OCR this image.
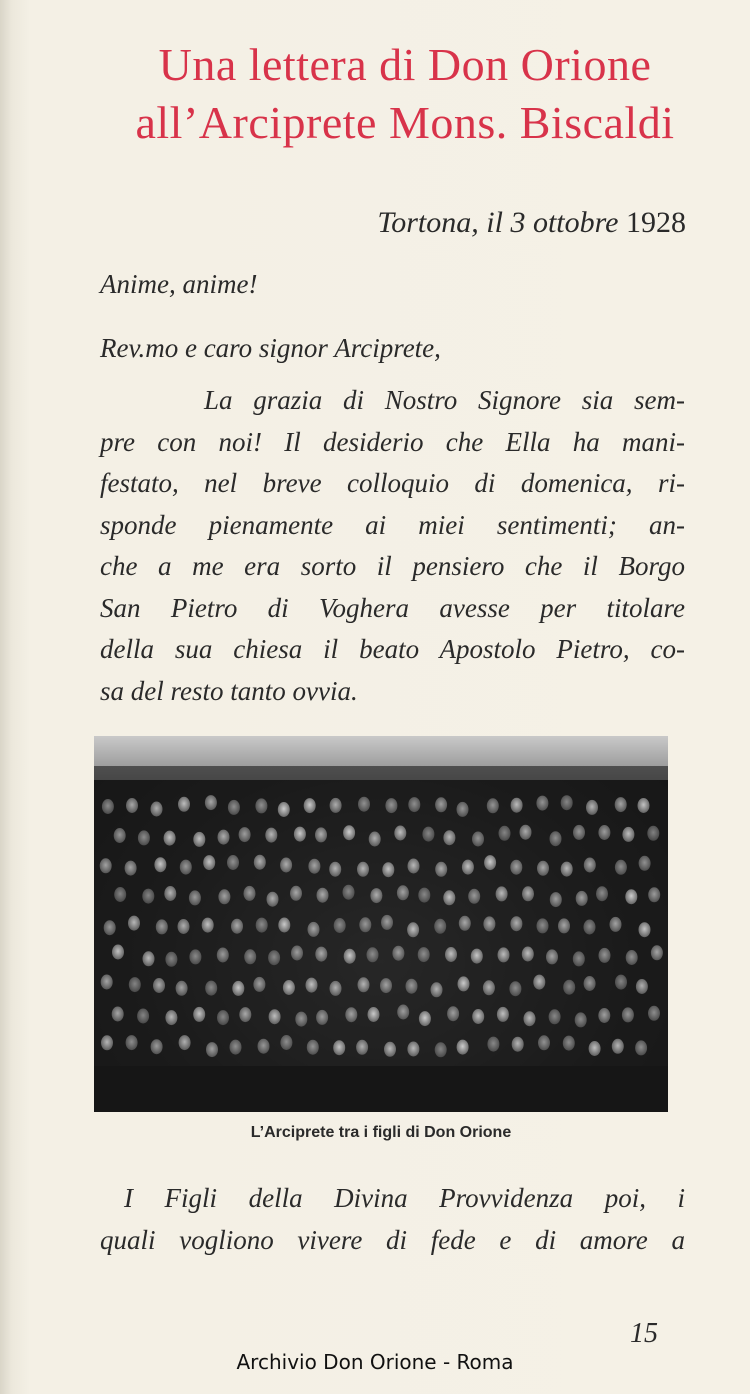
Una lettera di Don Orione
all’Arciprete Mons. Biscaldi
Tortona, il 3 ottobre 1928
Anime, anime!
Rev.mo e caro signor Arciprete,
La grazia di Nostro Signore sia sem-
pre con noi! Il desiderio che Ella ha mani-
festato, nel breve colloquio di domenica, ri-
sponde pienamente ai miei sentimenti; an-
che a me era sorto il pensiero che il Borgo
San Pietro di Voghera avesse per titolare
della sua chiesa il beato Apostolo Pietro, co-
sa del resto tanto ovvia.
L’Arciprete tra i figli di Don Orione
I Figli della Divina Provvidenza poi, i
quali vogliono vivere di fede e di amore a
15
Archivio Don Orione - Roma
